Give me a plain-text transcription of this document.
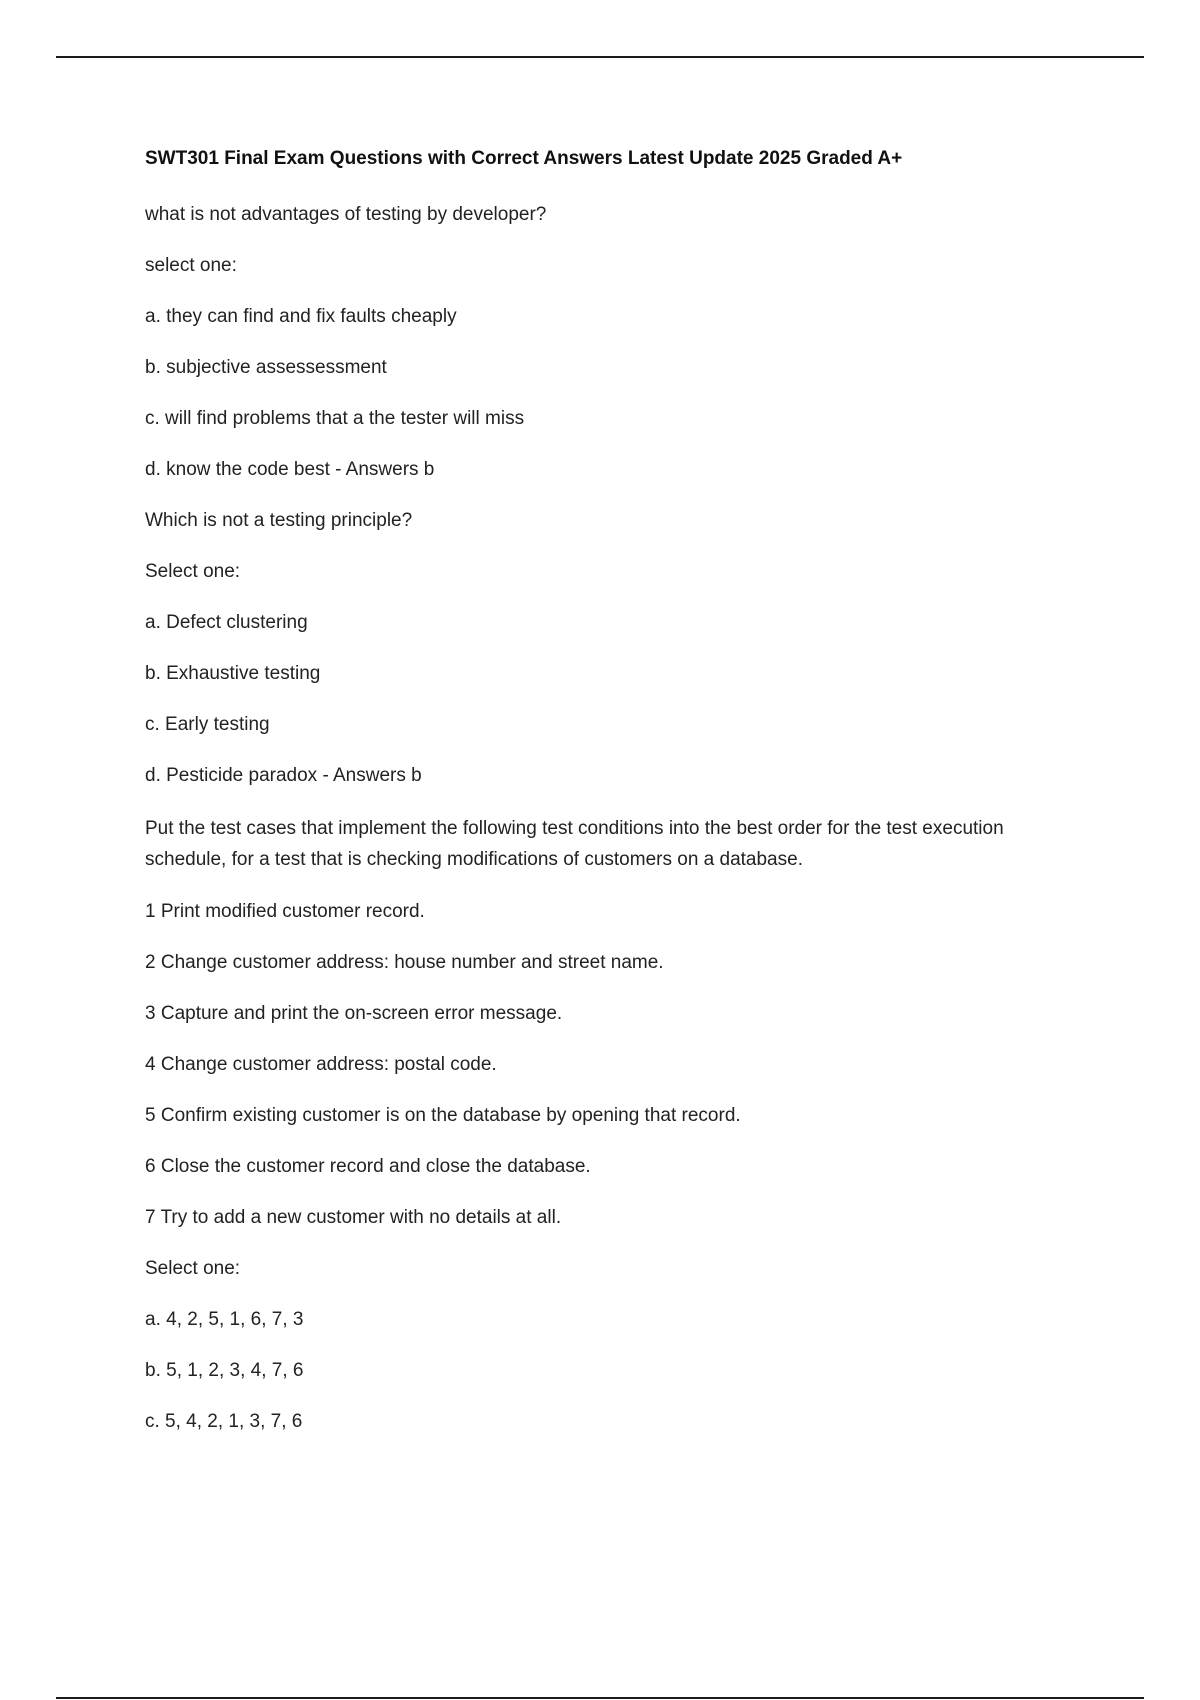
SWT301 Final Exam Questions with Correct Answers Latest Update 2025 Graded A+

what is not advantages of testing by developer?

select one:

a. they can find and fix faults cheaply

b. subjective assessessment

c. will find problems that a the tester will miss

d. know the code best - Answers b

Which is not a testing principle?

Select one:

a. Defect clustering

b. Exhaustive testing

c. Early testing

d. Pesticide paradox - Answers b

Put the test cases that implement the following test conditions into the best order for the test execution schedule, for a test that is checking modifications of customers on a database.

1 Print modified customer record.

2 Change customer address: house number and street name.

3 Capture and print the on-screen error message.

4 Change customer address: postal code.

5 Confirm existing customer is on the database by opening that record.

6 Close the customer record and close the database.

7 Try to add a new customer with no details at all.

Select one:

a. 4, 2, 5, 1, 6, 7, 3

b. 5, 1, 2, 3, 4, 7, 6

c. 5, 4, 2, 1, 3, 7, 6
